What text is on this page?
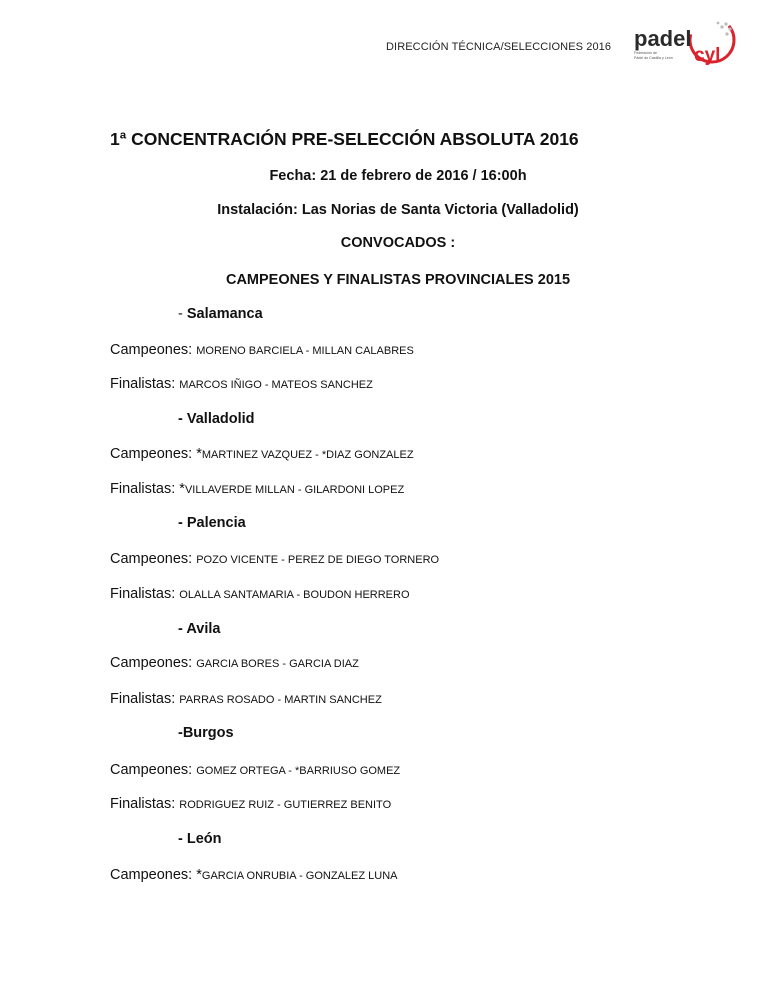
DIRECCIÓN TÉCNICA/SELECCIONES 2016 padel
cyl
Federación de
Pádel de Castilla y León
1ª CONCENTRACIÓN PRE-SELECCIÓN ABSOLUTA 2016
Fecha: 21 de febrero de 2016 / 16:00h
Instalación: Las Norias de Santa Victoria (Valladolid)
CONVOCADOS :
CAMPEONES Y FINALISTAS PROVINCIALES 2015
- Salamanca
Campeones: MORENO BARCIELA - MILLAN CALABRES
Finalistas: MARCOS IÑIGO - MATEOS SANCHEZ
- Valladolid
Campeones: *MARTINEZ VAZQUEZ - *DIAZ GONZALEZ
Finalistas: *VILLAVERDE MILLAN - GILARDONI LOPEZ
- Palencia
Campeones: POZO VICENTE - PEREZ DE DIEGO TORNERO
Finalistas: OLALLA SANTAMARIA - BOUDON HERRERO
- Avila
Campeones: GARCIA BORES - GARCIA DIAZ
Finalistas: PARRAS ROSADO - MARTIN SANCHEZ
-Burgos
Campeones: GOMEZ ORTEGA - *BARRIUSO GOMEZ
Finalistas: RODRIGUEZ RUIZ - GUTIERREZ BENITO
- León
Campeones: *GARCIA ONRUBIA - GONZALEZ LUNA
